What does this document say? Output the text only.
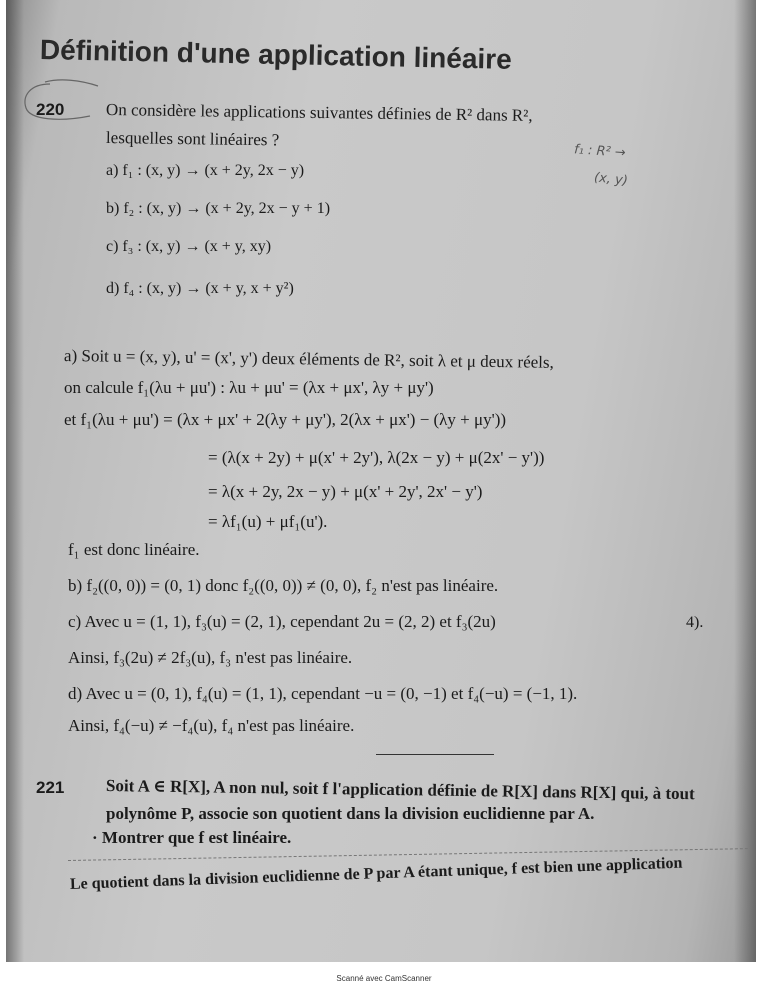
Définition d'une application linéaire
220 On considère les applications suivantes définies de R² dans R²,
lesquelles sont linéaires ?
f₁ : R² →
(x, y)
a) f₁ : (x, y) → (x + 2y, 2x − y)
b) f₂ : (x, y) → (x + 2y, 2x − y + 1)
c) f₃ : (x, y) → (x + y, xy)
d) f₄ : (x, y) → (x + y, x + y²)
a) Soit u = (x, y), u' = (x', y') deux éléments de R², soit λ et μ deux réels,
on calcule f₁(λu + μu') : λu + μu' = (λx + μx', λy + μy')
et f₁(λu + μu') = (λx + μx' + 2(λy + μy'), 2(λx + μx') − (λy + μy'))
= (λ(x + 2y) + μ(x' + 2y'), λ(2x − y) + μ(2x' − y'))
= λ(x + 2y, 2x − y) + μ(x' + 2y', 2x' − y')
= λf₁(u) + μf₁(u').
f₁ est donc linéaire.
b) f₂((0, 0)) = (0, 1) donc f₂((0, 0)) ≠ (0, 0), f₂ n'est pas linéaire.
c) Avec u = (1, 1), f₃(u) = (2, 1), cependant 2u = (2, 2) et f₃(2u)	4).
Ainsi, f₃(2u) ≠ 2f₃(u), f₃ n'est pas linéaire.
d) Avec u = (0, 1), f₄(u) = (1, 1), cependant −u = (0, −1) et f₄(−u) = (−1, 1).
Ainsi, f₄(−u) ≠ −f₄(u), f₄ n'est pas linéaire.
221 Soit A ∈ R[X], A non nul, soit f l'application définie de R[X] dans R[X] qui, à tout
polynôme P, associe son quotient dans la division euclidienne par A.
· Montrer que f est linéaire.
Le quotient dans la division euclidienne de P par A étant unique, f est bien une application
Scanné avec CamScanner
